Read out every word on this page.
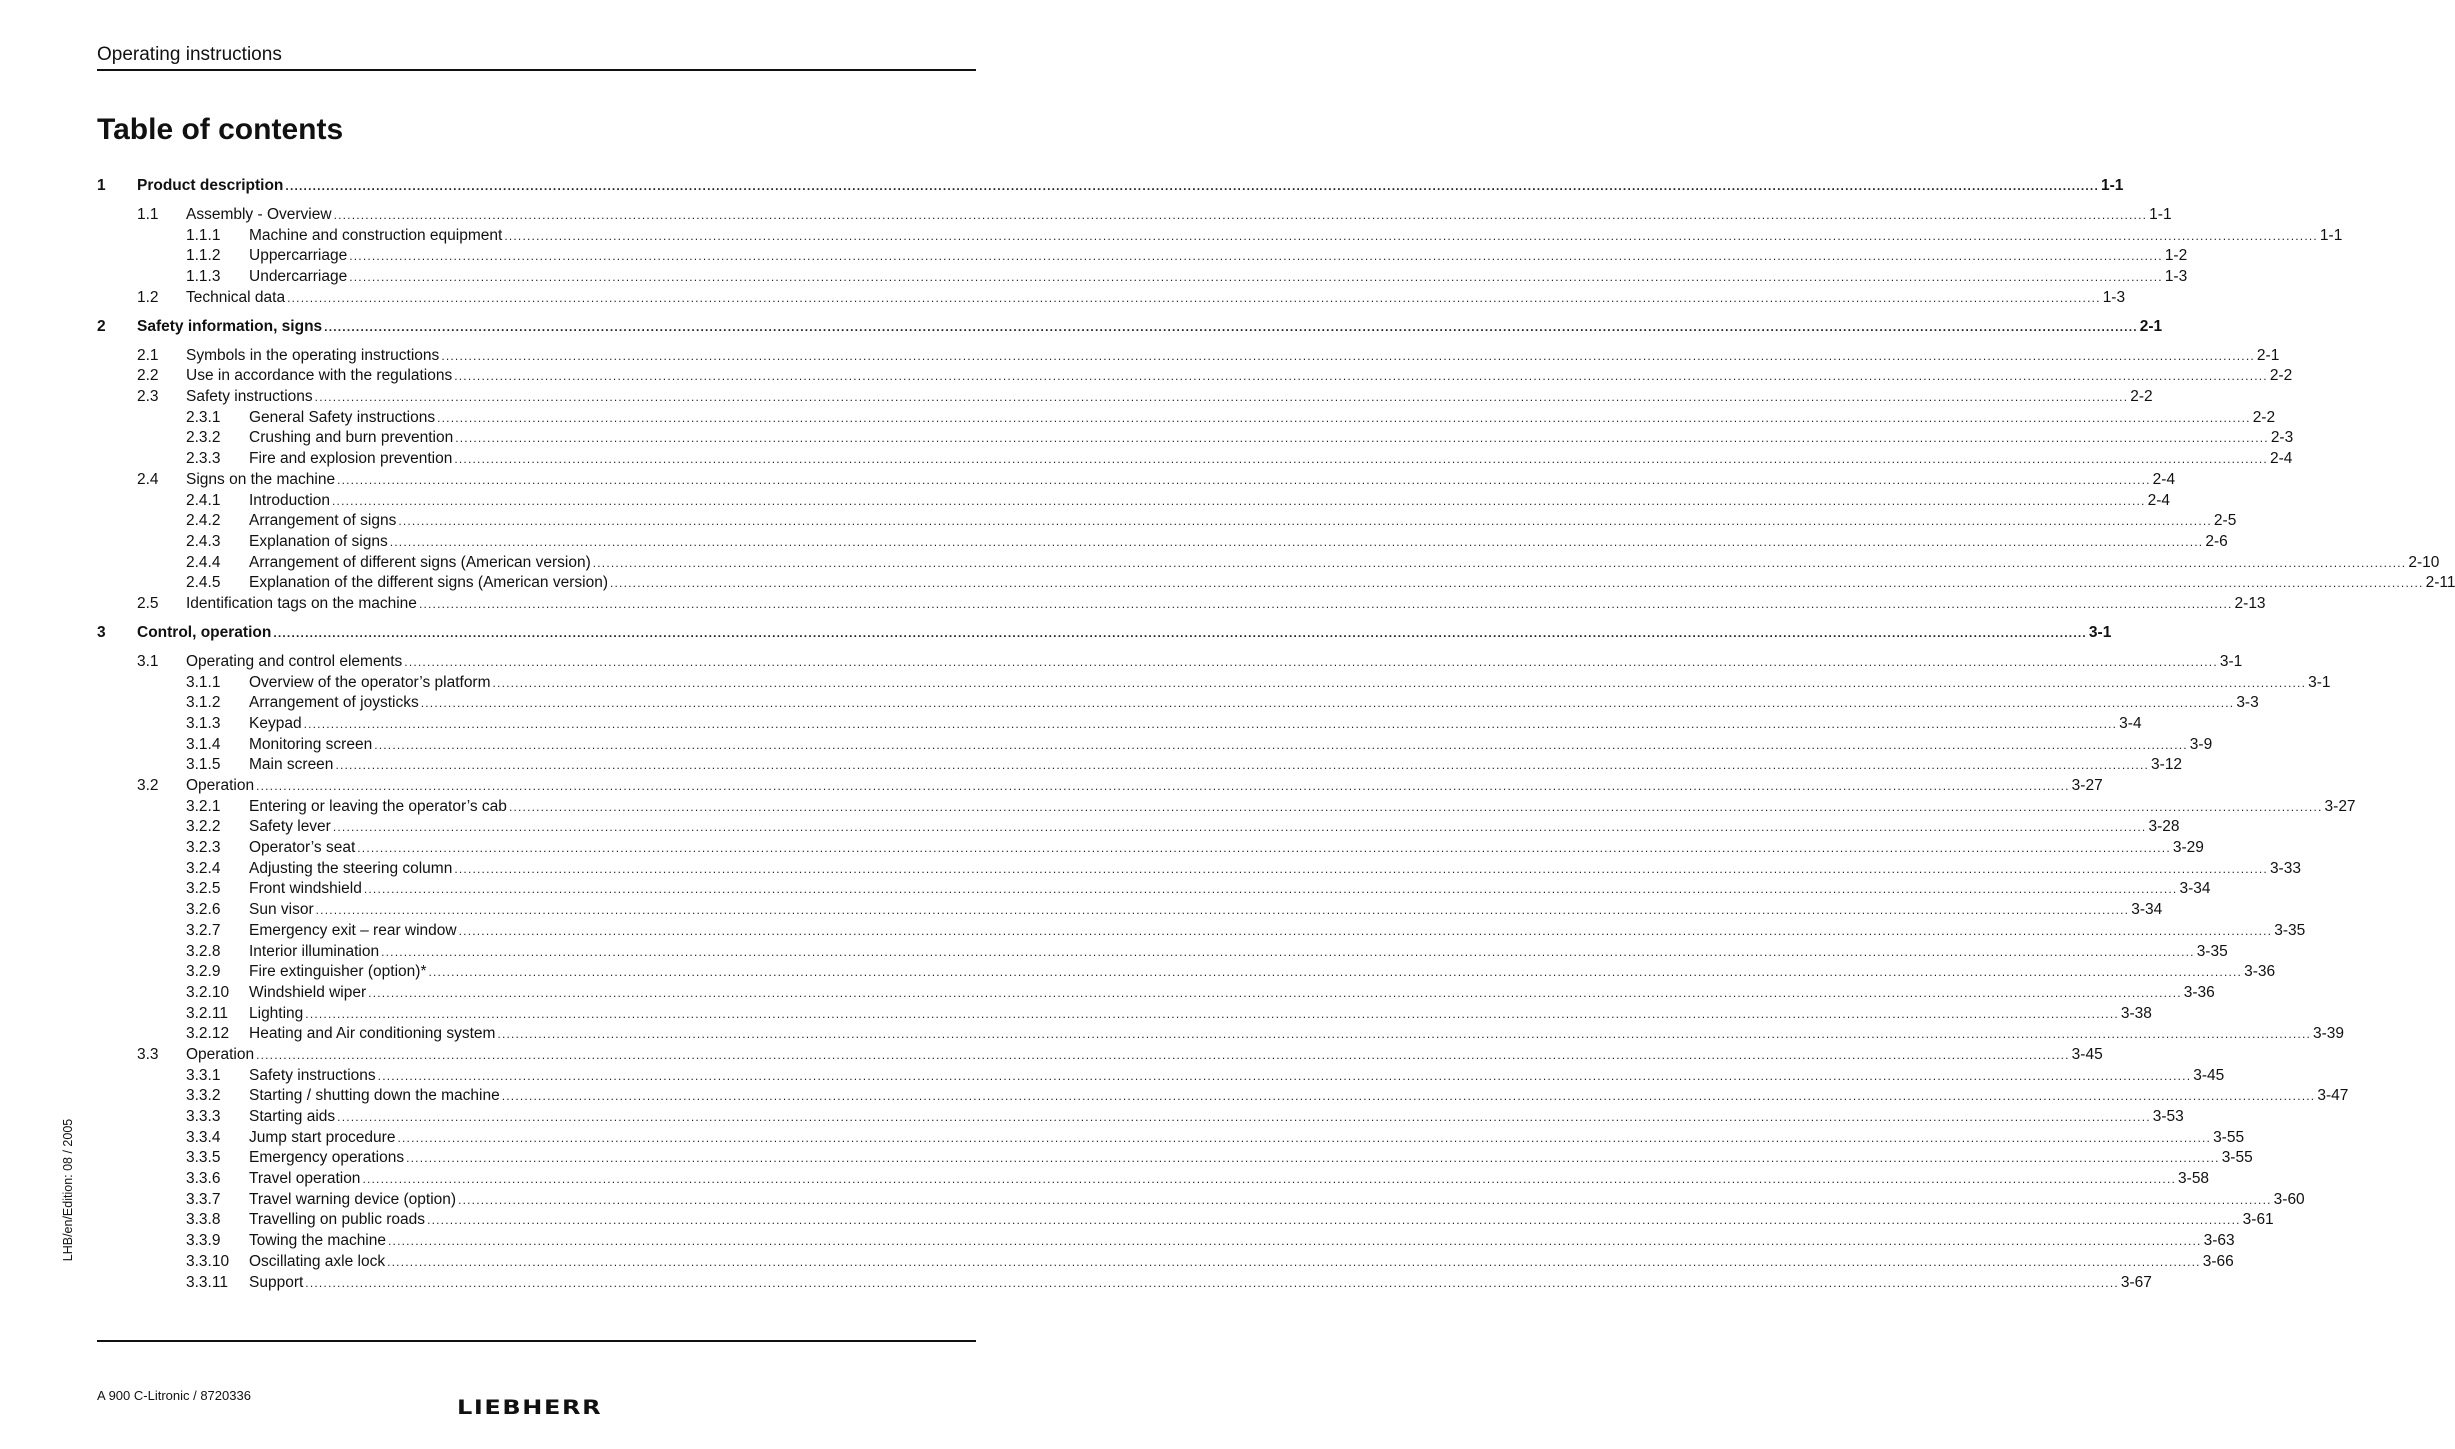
Operating instructions
Table of contents
1 Product description ................................................................................................................................................................................................................................................................................................................................................................................................................ 1-1
1.1 Assembly - Overview ................................................................................................................................................................................................................................................................................................................................................................................................................ 1-1
1.1.1 Machine and construction equipment ................................................................................................................................................................................................................................................................................................................................................................................................................ 1-1
1.1.2 Uppercarriage ................................................................................................................................................................................................................................................................................................................................................................................................................ 1-2
1.1.3 Undercarriage ................................................................................................................................................................................................................................................................................................................................................................................................................ 1-3
1.2 Technical data ................................................................................................................................................................................................................................................................................................................................................................................................................ 1-3
2 Safety information, signs ................................................................................................................................................................................................................................................................................................................................................................................................................ 2-1
2.1 Symbols in the operating instructions ................................................................................................................................................................................................................................................................................................................................................................................................................ 2-1
2.2 Use in accordance with the regulations ................................................................................................................................................................................................................................................................................................................................................................................................................ 2-2
2.3 Safety instructions ................................................................................................................................................................................................................................................................................................................................................................................................................ 2-2
2.3.1 General Safety instructions ................................................................................................................................................................................................................................................................................................................................................................................................................ 2-2
2.3.2 Crushing and burn prevention ................................................................................................................................................................................................................................................................................................................................................................................................................ 2-3
2.3.3 Fire and explosion prevention ................................................................................................................................................................................................................................................................................................................................................................................................................ 2-4
2.4 Signs on the machine ................................................................................................................................................................................................................................................................................................................................................................................................................ 2-4
2.4.1 Introduction ................................................................................................................................................................................................................................................................................................................................................................................................................ 2-4
2.4.2 Arrangement of signs ................................................................................................................................................................................................................................................................................................................................................................................................................ 2-5
2.4.3 Explanation of signs ................................................................................................................................................................................................................................................................................................................................................................................................................ 2-6
2.4.4 Arrangement of different signs (American version) ................................................................................................................................................................................................................................................................................................................................................................................................................ 2-10
2.4.5 Explanation of the different signs (American version) ................................................................................................................................................................................................................................................................................................................................................................................................................ 2-11
2.5 Identification tags on the machine ................................................................................................................................................................................................................................................................................................................................................................................................................ 2-13
3 Control, operation ................................................................................................................................................................................................................................................................................................................................................................................................................ 3-1
3.1 Operating and control elements ................................................................................................................................................................................................................................................................................................................................................................................................................ 3-1
3.1.1 Overview of the operator’s platform ................................................................................................................................................................................................................................................................................................................................................................................................................ 3-1
3.1.2 Arrangement of joysticks ................................................................................................................................................................................................................................................................................................................................................................................................................ 3-3
3.1.3 Keypad ................................................................................................................................................................................................................................................................................................................................................................................................................ 3-4
3.1.4 Monitoring screen ................................................................................................................................................................................................................................................................................................................................................................................................................ 3-9
3.1.5 Main screen ................................................................................................................................................................................................................................................................................................................................................................................................................ 3-12
3.2 Operation ................................................................................................................................................................................................................................................................................................................................................................................................................ 3-27
3.2.1 Entering or leaving the operator’s cab ................................................................................................................................................................................................................................................................................................................................................................................................................ 3-27
3.2.2 Safety lever ................................................................................................................................................................................................................................................................................................................................................................................................................ 3-28
3.2.3 Operator’s seat ................................................................................................................................................................................................................................................................................................................................................................................................................ 3-29
3.2.4 Adjusting the steering column ................................................................................................................................................................................................................................................................................................................................................................................................................ 3-33
3.2.5 Front windshield ................................................................................................................................................................................................................................................................................................................................................................................................................ 3-34
3.2.6 Sun visor ................................................................................................................................................................................................................................................................................................................................................................................................................ 3-34
3.2.7 Emergency exit – rear window ................................................................................................................................................................................................................................................................................................................................................................................................................ 3-35
3.2.8 Interior illumination ................................................................................................................................................................................................................................................................................................................................................................................................................ 3-35
3.2.9 Fire extinguisher (option)* ................................................................................................................................................................................................................................................................................................................................................................................................................ 3-36
3.2.10 Windshield wiper ................................................................................................................................................................................................................................................................................................................................................................................................................ 3-36
3.2.11 Lighting ................................................................................................................................................................................................................................................................................................................................................................................................................ 3-38
3.2.12 Heating and Air conditioning system ................................................................................................................................................................................................................................................................................................................................................................................................................ 3-39
3.3 Operation ................................................................................................................................................................................................................................................................................................................................................................................................................ 3-45
3.3.1 Safety instructions ................................................................................................................................................................................................................................................................................................................................................................................................................ 3-45
3.3.2 Starting / shutting down the machine ................................................................................................................................................................................................................................................................................................................................................................................................................ 3-47
3.3.3 Starting aids ................................................................................................................................................................................................................................................................................................................................................................................................................ 3-53
3.3.4 Jump start procedure ................................................................................................................................................................................................................................................................................................................................................................................................................ 3-55
3.3.5 Emergency operations ................................................................................................................................................................................................................................................................................................................................................................................................................ 3-55
3.3.6 Travel operation ................................................................................................................................................................................................................................................................................................................................................................................................................ 3-58
3.3.7 Travel warning device (option) ................................................................................................................................................................................................................................................................................................................................................................................................................ 3-60
3.3.8 Travelling on public roads ................................................................................................................................................................................................................................................................................................................................................................................................................ 3-61
3.3.9 Towing the machine ................................................................................................................................................................................................................................................................................................................................................................................................................ 3-63
3.3.10 Oscillating axle lock ................................................................................................................................................................................................................................................................................................................................................................................................................ 3-66
3.3.11 Support ................................................................................................................................................................................................................................................................................................................................................................................................................ 3-67
LHB/en/Edition: 08 / 2005
A 900 C-Litronic / 8720336
LIEBHERR
